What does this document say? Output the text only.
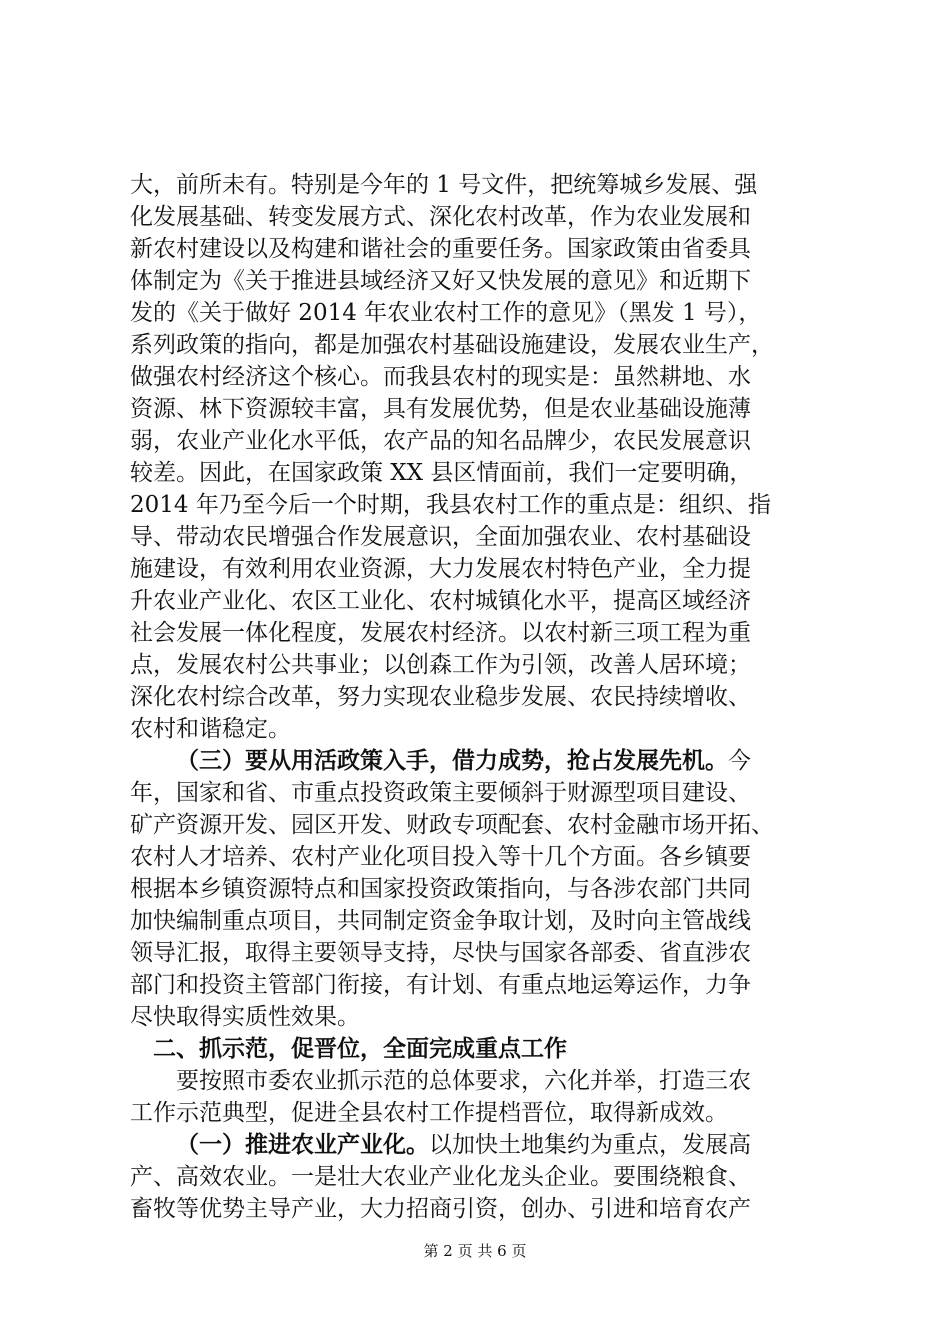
大，前所未有。特别是今年的 1 号文件，把统筹城乡发展、强
化发展基础、转变发展方式、深化农村改革，作为农业发展和
新农村建设以及构建和谐社会的重要任务。国家政策由省委具
体制定为《关于推进县域经济又好又快发展的意见》和近期下
发的《关于做好 2014 年农业农村工作的意见》（黑发 1 号），
系列政策的指向，都是加强农村基础设施建设，发展农业生产，
做强农村经济这个核心。而我县农村的现实是：虽然耕地、水
资源、林下资源较丰富，具有发展优势，但是农业基础设施薄
弱，农业产业化水平低，农产品的知名品牌少，农民发展意识
较差。因此，在国家政策 XX 县区情面前，我们一定要明确，
2014 年乃至今后一个时期，我县农村工作的重点是：组织、指
导、带动农民增强合作发展意识，全面加强农业、农村基础设
施建设，有效利用农业资源，大力发展农村特色产业，全力提
升农业产业化、农区工业化、农村城镇化水平，提高区域经济
社会发展一体化程度，发展农村经济。以农村新三项工程为重
点，发展农村公共事业；以创森工作为引领，改善人居环境；
深化农村综合改革，努力实现农业稳步发展、农民持续增收、
农村和谐稳定。
（三）要从用活政策入手，借力成势，抢占发展先机。今
年，国家和省、市重点投资政策主要倾斜于财源型项目建设、
矿产资源开发、园区开发、财政专项配套、农村金融市场开拓、
农村人才培养、农村产业化项目投入等十几个方面。各乡镇要
根据本乡镇资源特点和国家投资政策指向，与各涉农部门共同
加快编制重点项目，共同制定资金争取计划，及时向主管战线
领导汇报，取得主要领导支持，尽快与国家各部委、省直涉农
部门和投资主管部门衔接，有计划、有重点地运筹运作，力争
尽快取得实质性效果。
二、抓示范，促晋位，全面完成重点工作
要按照市委农业抓示范的总体要求，六化并举，打造三农
工作示范典型，促进全县农村工作提档晋位，取得新成效。
（一）推进农业产业化。以加快土地集约为重点，发展高
产、高效农业。一是壮大农业产业化龙头企业。要围绕粮食、
畜牧等优势主导产业，大力招商引资，创办、引进和培育农产
第 2 页 共 6 页
